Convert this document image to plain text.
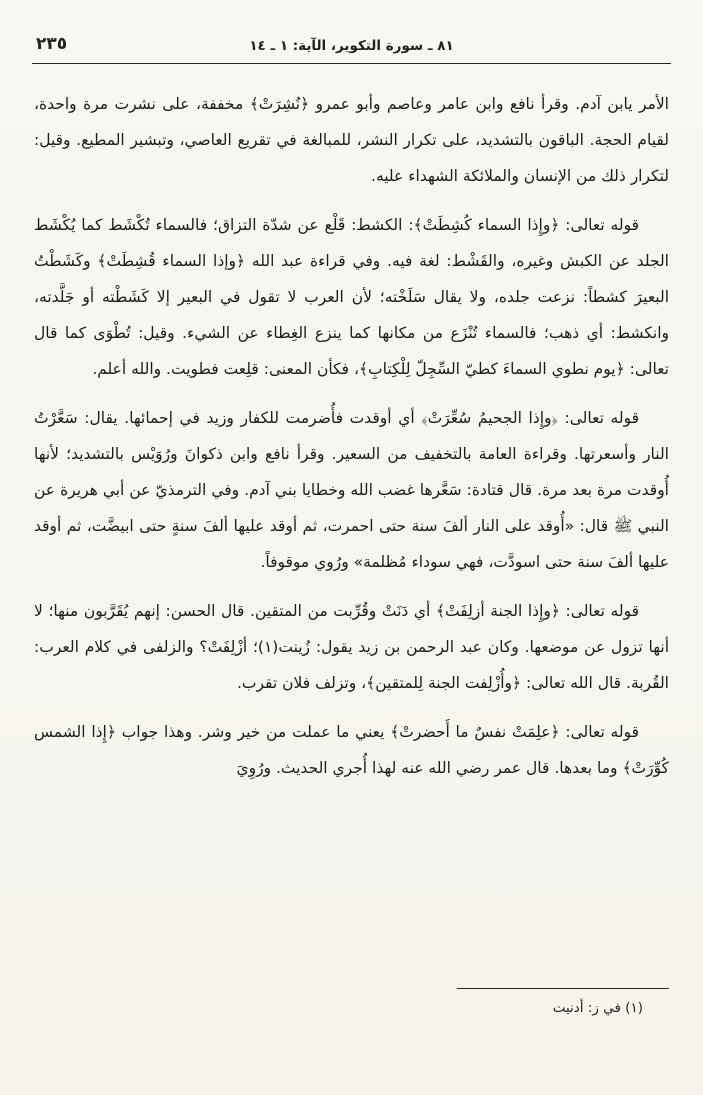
٢٣٥	٨١ ـ سورة التكوير، الآية: ١ ـ ١٤

الأمر يابن آدم. وقرأ نافع وابن عامر وعاصم وأبو عمرو ﴿نُشِرَتْ﴾ مخففة، على نشرت مرة واحدة، لقيام الحجة. الباقون بالتشديد، على تكرار النشر، للمبالغة في تقريع العاصي، وتبشير المطيع. وقيل: لتكرار ذلك من الإنسان والملائكة الشهداء عليه.

قوله تعالى: ﴿وإِذا السماء كُشِطَتْ﴾: الكشط: قَلْع عن شدّة التزاق؛ فالسماء تُكْشَط كما يُكْشَط الجلد عن الكبش وغيره، والقَشْط: لغة فيه. وفي قراءة عبد الله ﴿وإذا السماء قُشِطَتْ﴾ وكَشَطْتُ البعيرَ كشطاً: نزعت جلده، ولا يقال سَلَخْته؛ لأن العرب لا تقول في البعير إلا كَشَطْته أو جَلَّدته، وانكشط: أي ذهب؛ فالسماء تُنْزَع من مكانها كما ينزع الغِطاء عن الشيء. وقيل: تُطْوَى كما قال تعالى: ﴿يوم نطوي السماءَ كطيّ السِّجِلّ لِلْكِتابِ﴾، فكأن المعنى: قلِعت فطويت. والله أعلم.

قوله تعالى: ﴿وإِذا الجحيمُ سُعِّرَتْ﴾ أي أوقدت فأُضرمت للكفار وزيد في إحمائها. يقال: سَعَّرْتُ النار وأسعرتها. وقراءة العامة بالتخفيف من السعير. وقرأ نافع وابن ذكوانَ ورُوَيْس بالتشديد؛ لأنها أُوقدت مرة بعد مرة. قال قتادة: سَعَّرها غضب الله وخطايا بني آدم. وفي الترمذيّ عن أبي هريرة عن النبي ﷺ قال: «أُوقد على النار ألفَ سنة حتى احمرت، ثم أوقد عليها ألفَ سنةٍ حتى ابيضَّت، ثم أوقد عليها ألفَ سنة حتى اسودَّت، فهي سوداء مُظلمة» ورُوي موقوفاً.

قوله تعالى: ﴿وإِذا الجنة أزلِفَتْ﴾ أي دَنَتْ وقُرِّبت من المتقين. قال الحسن: إنهم يُقَرَّبون منها؛ لا أنها تزول عن موضعها. وكان عبد الرحمن بن زيد يقول: زُينت(١)؛ أزْلِفَتْ؟ والزلفى في كلام العرب: القُربة. قال الله تعالى: ﴿وأُزْلِفت الجنة لِلمتقين﴾، وتزلف فلان تقرب.

قوله تعالى: ﴿علِمَتْ نفسٌ ما أَحضرتْ﴾ يعني ما عملت من خير وشر. وهذا جواب ﴿إِذا الشمس كُوِّرَتْ﴾ وما بعدها. قال عمر رضي الله عنه لهذا أُجري الحديث. ورُوِيَ

(١) في ز: أدنيت
